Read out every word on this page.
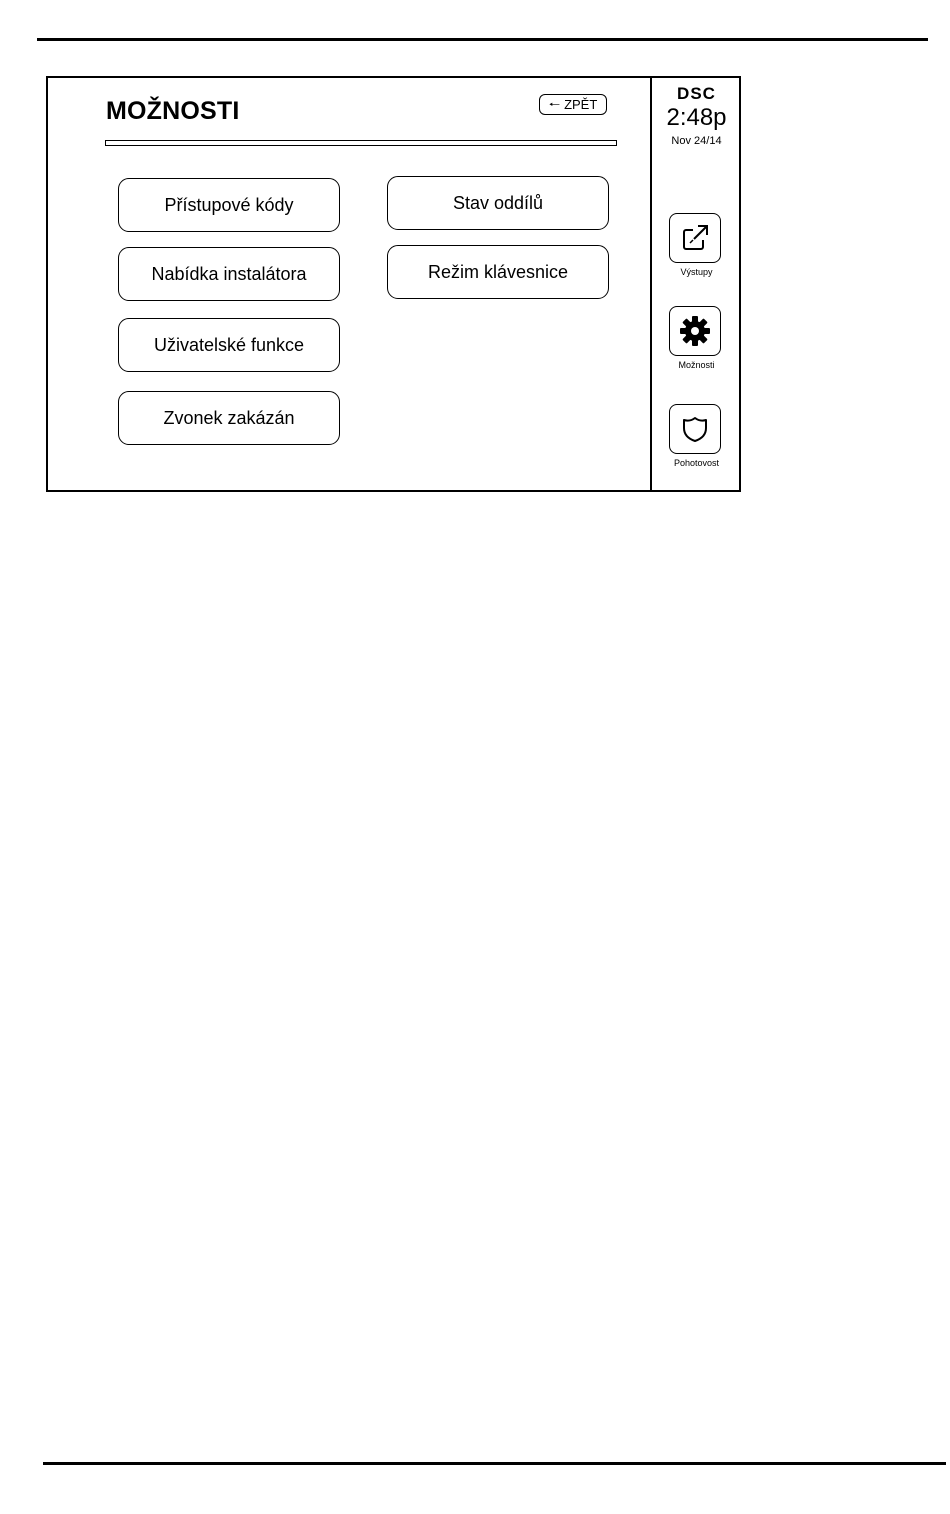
MOŽNOSTI	🠐 ZPĚT
Přístupové kódy
Nabídka instalátora
Uživatelské funkce
Zvonek zakázán
Stav oddílů
Režim klávesnice
DSC
2:48p
Nov 24/14
Výstupy
Možnosti
Pohotovost
